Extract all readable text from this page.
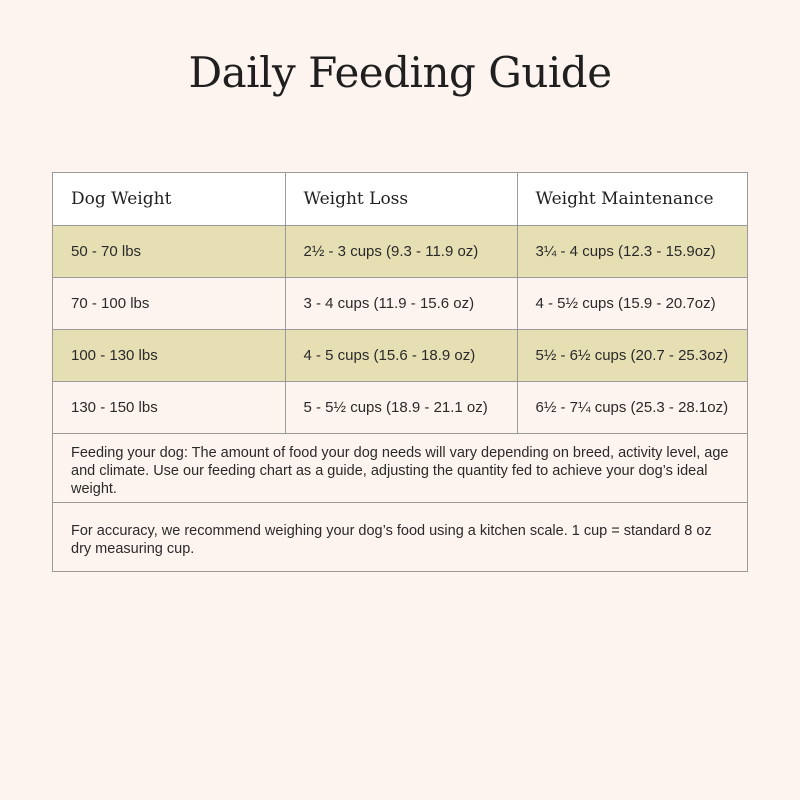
Daily Feeding Guide
Dog Weight	Weight Loss	Weight Maintenance
50 - 70 lbs	2½ - 3 cups (9.3 - 11.9 oz)	3¼ - 4 cups (12.3 - 15.9oz)
70 - 100 lbs	3 - 4 cups (11.9 - 15.6 oz)	4 - 5½ cups (15.9 - 20.7oz)
100 - 130 lbs	4 - 5 cups (15.6 - 18.9 oz)	5½ - 6½ cups (20.7 - 25.3oz)
130 - 150 lbs	5 - 5½ cups (18.9 - 21.1 oz)	6½ - 7¼ cups (25.3 - 28.1oz)
Feeding your dog: The amount of food your dog needs will vary depending on breed, activity level, age and climate. Use our feeding chart as a guide, adjusting the quantity fed to achieve your dog’s ideal weight.
For accuracy, we recommend weighing your dog’s food using a kitchen scale. 1 cup = standard 8 oz dry measuring cup.
